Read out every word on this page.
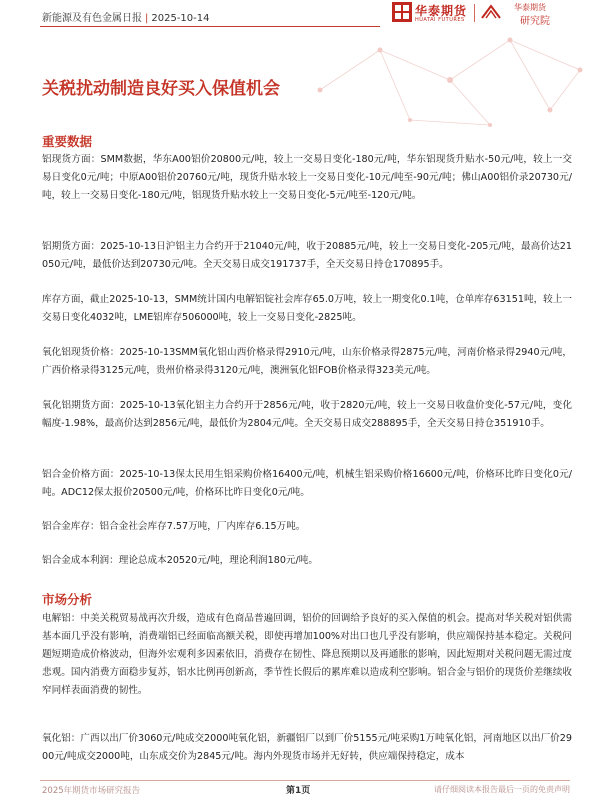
新能源及有色金属日报 | 2025-10-14
华泰期货
HUATAI FUTURES
华泰期货
研究院
关税扰动制造良好买入保值机会
重要数据
铝现货方面：SMM数据，华东A00铝价20800元/吨，较上一交易日变化-180元/吨，华东铝现货升贴水-50元/吨，较上一交易日变化0元/吨；中原A00铝价20760元/吨，现货升贴水较上一交易日变化-10元/吨至-90元/吨；佛山A00铝价录20730元/吨，较上一交易日变化-180元/吨，铝现货升贴水较上一交易日变化-5元/吨至-120元/吨。
铝期货方面：2025-10-13日沪铝主力合约开于21040元/吨，收于20885元/吨，较上一交易日变化-205元/吨，最高价达21050元/吨，最低价达到20730元/吨。全天交易日成交191737手，全天交易日持仓170895手。
库存方面，截止2025-10-13，SMM统计国内电解铝锭社会库存65.0万吨，较上一期变化0.1吨，仓单库存63151吨，较上一交易日变化4032吨，LME铝库存506000吨，较上一交易日变化-2825吨。
氧化铝现货价格：2025-10-13SMM氧化铝山西价格录得2910元/吨，山东价格录得2875元/吨，河南价格录得2940元/吨，广西价格录得3125元/吨，贵州价格录得3120元/吨，澳洲氧化铝FOB价格录得323美元/吨。
氧化铝期货方面：2025-10-13氧化铝主力合约开于2856元/吨，收于2820元/吨，较上一交易日收盘价变化-57元/吨，变化幅度-1.98%，最高价达到2856元/吨，最低价为2804元/吨。全天交易日成交288895手，全天交易日持仓351910手。
铝合金价格方面：2025-10-13保太民用生铝采购价格16400元/吨，机械生铝采购价格16600元/吨，价格环比昨日变化0元/吨。ADC12保太报价20500元/吨，价格环比昨日变化0元/吨。
铝合金库存：铝合金社会库存7.57万吨，厂内库存6.15万吨。
铝合金成本利润：理论总成本20520元/吨，理论利润180元/吨。
市场分析
电解铝：中美关税贸易战再次升级，造成有色商品普遍回调，铝价的回调给予良好的买入保值的机会。提高对华关税对铝供需基本面几乎没有影响，消费端铝已经面临高额关税，即使再增加100%对出口也几乎没有影响，供应端保持基本稳定。关税问题短期造成价格波动，但海外宏观利多因素依旧，消费存在韧性、降息预期以及再通胀的影响，因此短期对关税问题无需过度悲观。国内消费方面稳步复苏，铝水比例再创新高，季节性长假后的累库难以造成利空影响。铝合金与铝价的现货价差继续收窄同样表面消费的韧性。
氧化铝：广西以出厂价3060元/吨成交2000吨氧化铝，新疆铝厂以到厂价5155元/吨采购1万吨氧化铝，河南地区以出厂价2900元/吨成交2000吨，山东成交价为2845元/吨。海内外现货市场并无好转，供应端保持稳定，成本
2025年期货市场研究报告	第1页	请仔细阅读本报告最后一页的免责声明
